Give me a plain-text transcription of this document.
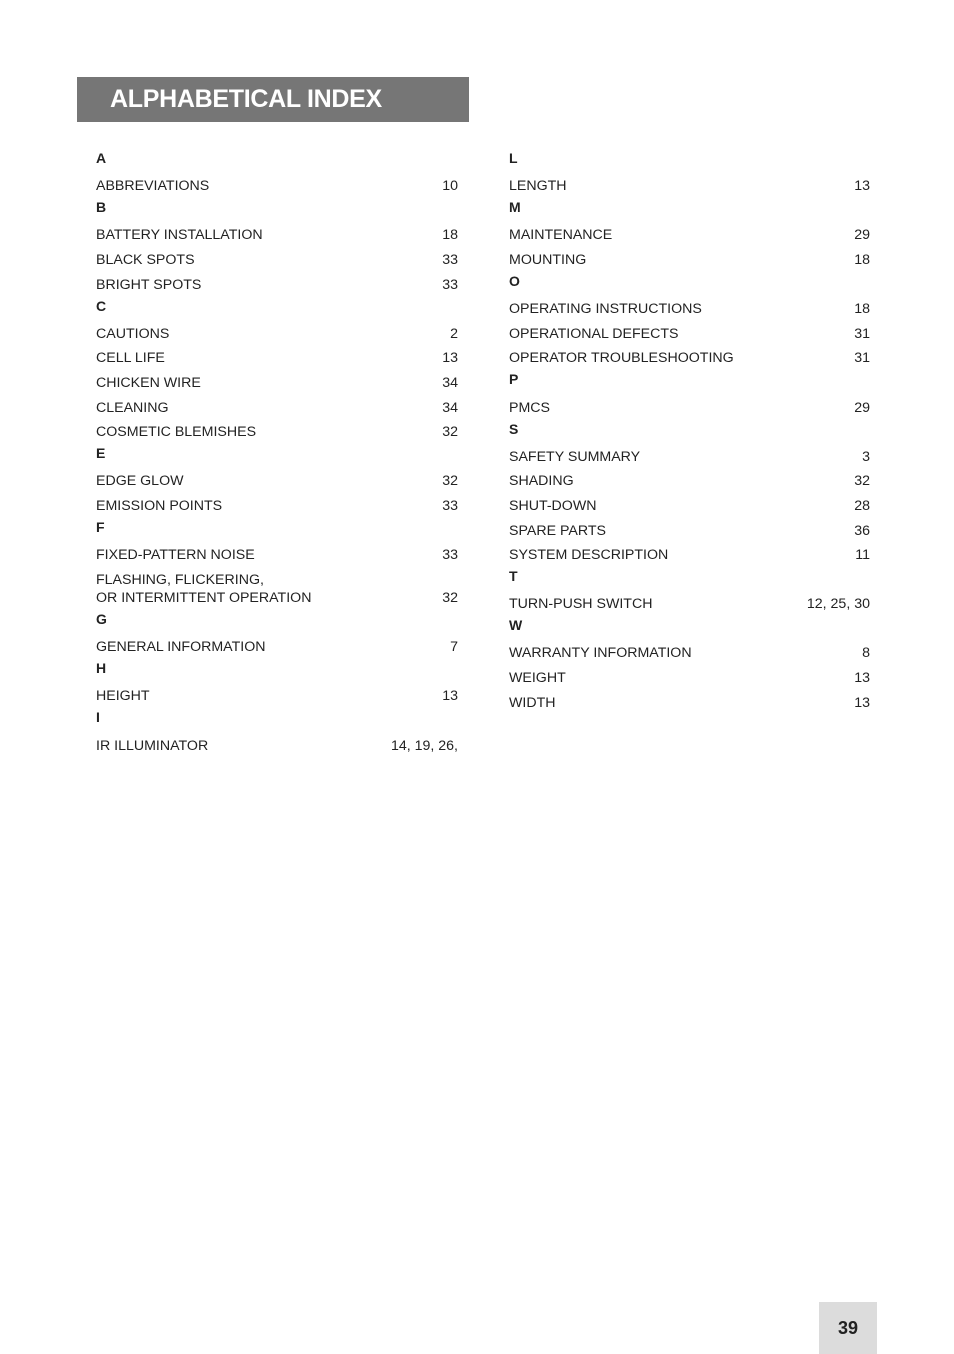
ALPHABETICAL INDEX
A
ABBREVIATIONS	10
B
BATTERY INSTALLATION	18
BLACK SPOTS	33
BRIGHT SPOTS	33
C
CAUTIONS	2
CELL LIFE	13
CHICKEN WIRE	34
CLEANING	34
COSMETIC BLEMISHES	32
E
EDGE GLOW	32
EMISSION POINTS	33
F
FIXED-PATTERN NOISE	33
FLASHING, FLICKERING,
OR INTERMITTENT OPERATION	32
G
GENERAL INFORMATION	7
H
HEIGHT	13
I
IR ILLUMINATOR	14, 19, 26,
L
LENGTH	13
M
MAINTENANCE	29
MOUNTING	18
O
OPERATING INSTRUCTIONS	18
OPERATIONAL DEFECTS	31
OPERATOR TROUBLESHOOTING	31
P
PMCS	29
S
SAFETY SUMMARY	3
SHADING	32
SHUT-DOWN	28
SPARE PARTS	36
SYSTEM DESCRIPTION	11
T
TURN-PUSH SWITCH	12, 25, 30
W
WARRANTY INFORMATION	8
WEIGHT	13
WIDTH	13
39
